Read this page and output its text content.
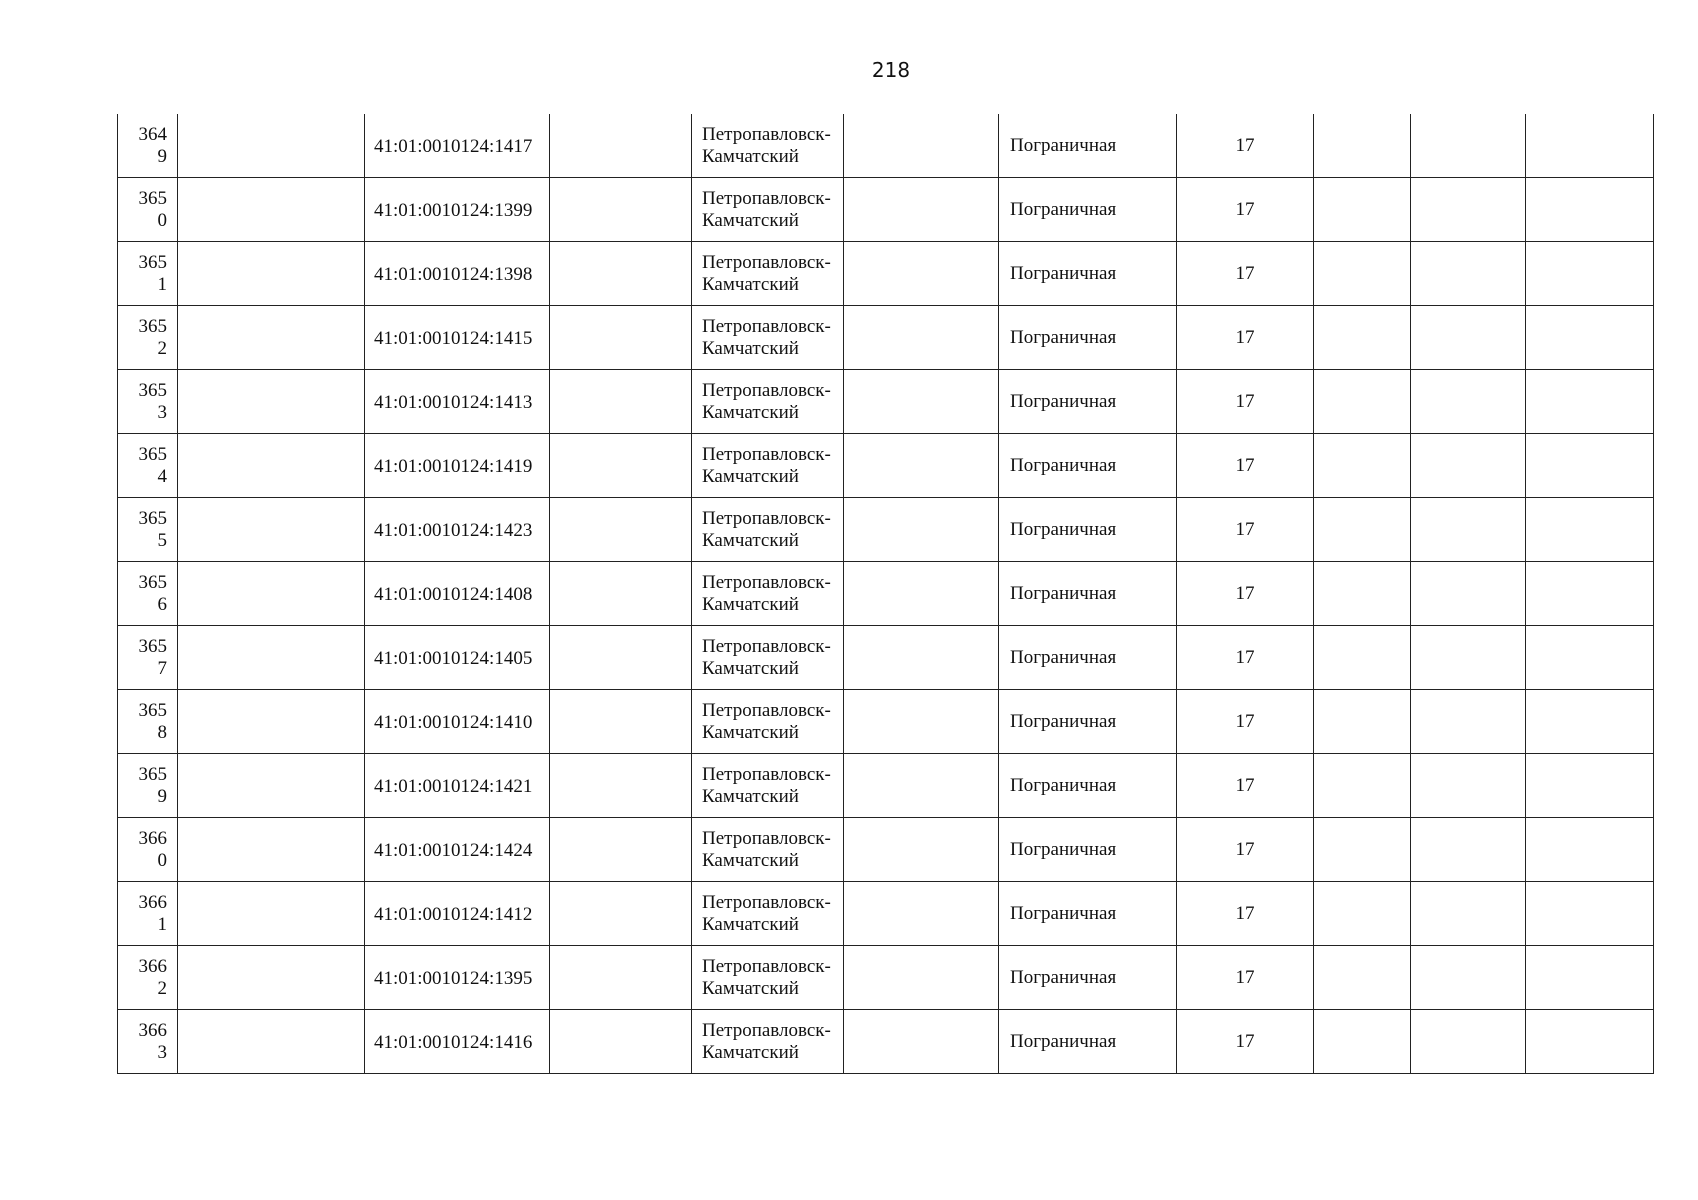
218
3649		41:01:0010124:1417		Петропавловск-Камчатский		Пограничная	17			
3650		41:01:0010124:1399		Петропавловск-Камчатский		Пограничная	17			
3651		41:01:0010124:1398		Петропавловск-Камчатский		Пограничная	17			
3652		41:01:0010124:1415		Петропавловск-Камчатский		Пограничная	17			
3653		41:01:0010124:1413		Петропавловск-Камчатский		Пограничная	17			
3654		41:01:0010124:1419		Петропавловск-Камчатский		Пограничная	17			
3655		41:01:0010124:1423		Петропавловск-Камчатский		Пограничная	17			
3656		41:01:0010124:1408		Петропавловск-Камчатский		Пограничная	17			
3657		41:01:0010124:1405		Петропавловск-Камчатский		Пограничная	17			
3658		41:01:0010124:1410		Петропавловск-Камчатский		Пограничная	17			
3659		41:01:0010124:1421		Петропавловск-Камчатский		Пограничная	17			
3660		41:01:0010124:1424		Петропавловск-Камчатский		Пограничная	17			
3661		41:01:0010124:1412		Петропавловск-Камчатский		Пограничная	17			
3662		41:01:0010124:1395		Петропавловск-Камчатский		Пограничная	17			
3663		41:01:0010124:1416		Петропавловск-Камчатский		Пограничная	17			
